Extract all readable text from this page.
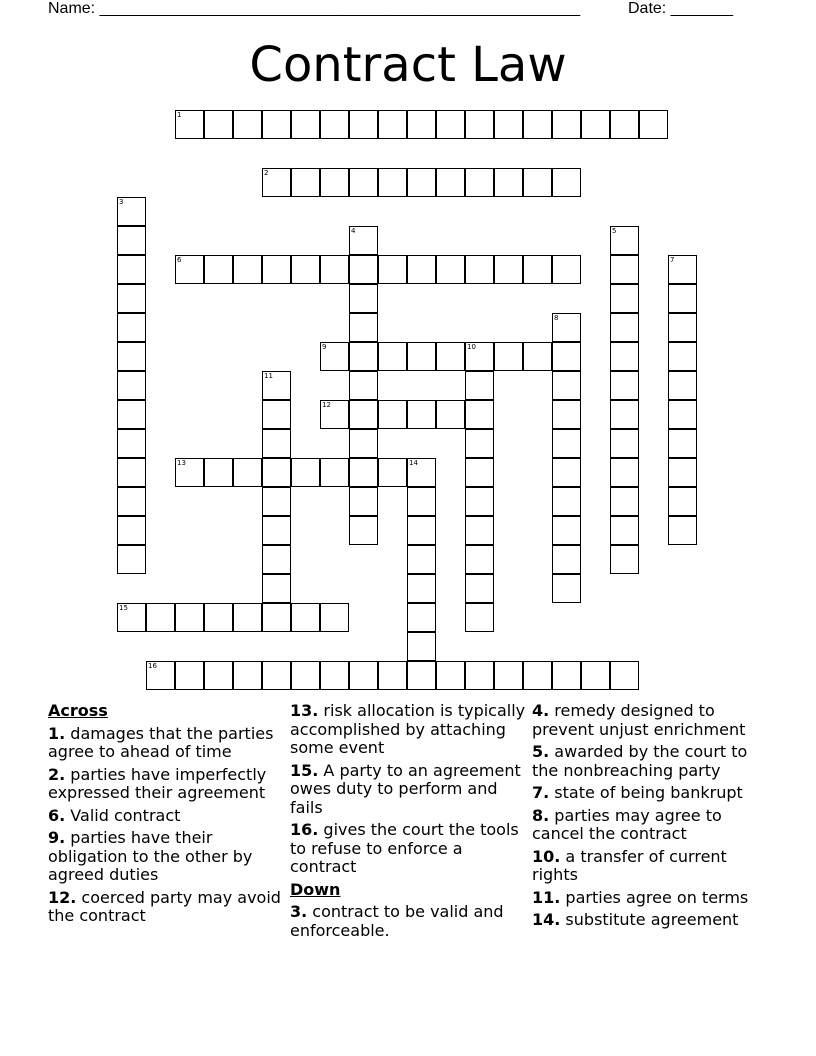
Name: ______________________________________________________	Date: _______
Contract Law
1
2
3
4	5
6	7
8
9	10
11
12
13	14
15
16
Across
1. damages that the parties agree to ahead of time
2. parties have imperfectly expressed their agreement
6. Valid contract
9. parties have their obligation to the other by agreed duties
12. coerced party may avoid the contract
13. risk allocation is typically accomplished by attaching some event
15. A party to an agreement owes duty to perform and fails
16. gives the court the tools to refuse to enforce a contract
Down
3. contract to be valid and enforceable.
4. remedy designed to prevent unjust enrichment
5. awarded by the court to the nonbreaching party
7. state of being bankrupt
8. parties may agree to cancel the contract
10. a transfer of current rights
11. parties agree on terms
14. substitute agreement
